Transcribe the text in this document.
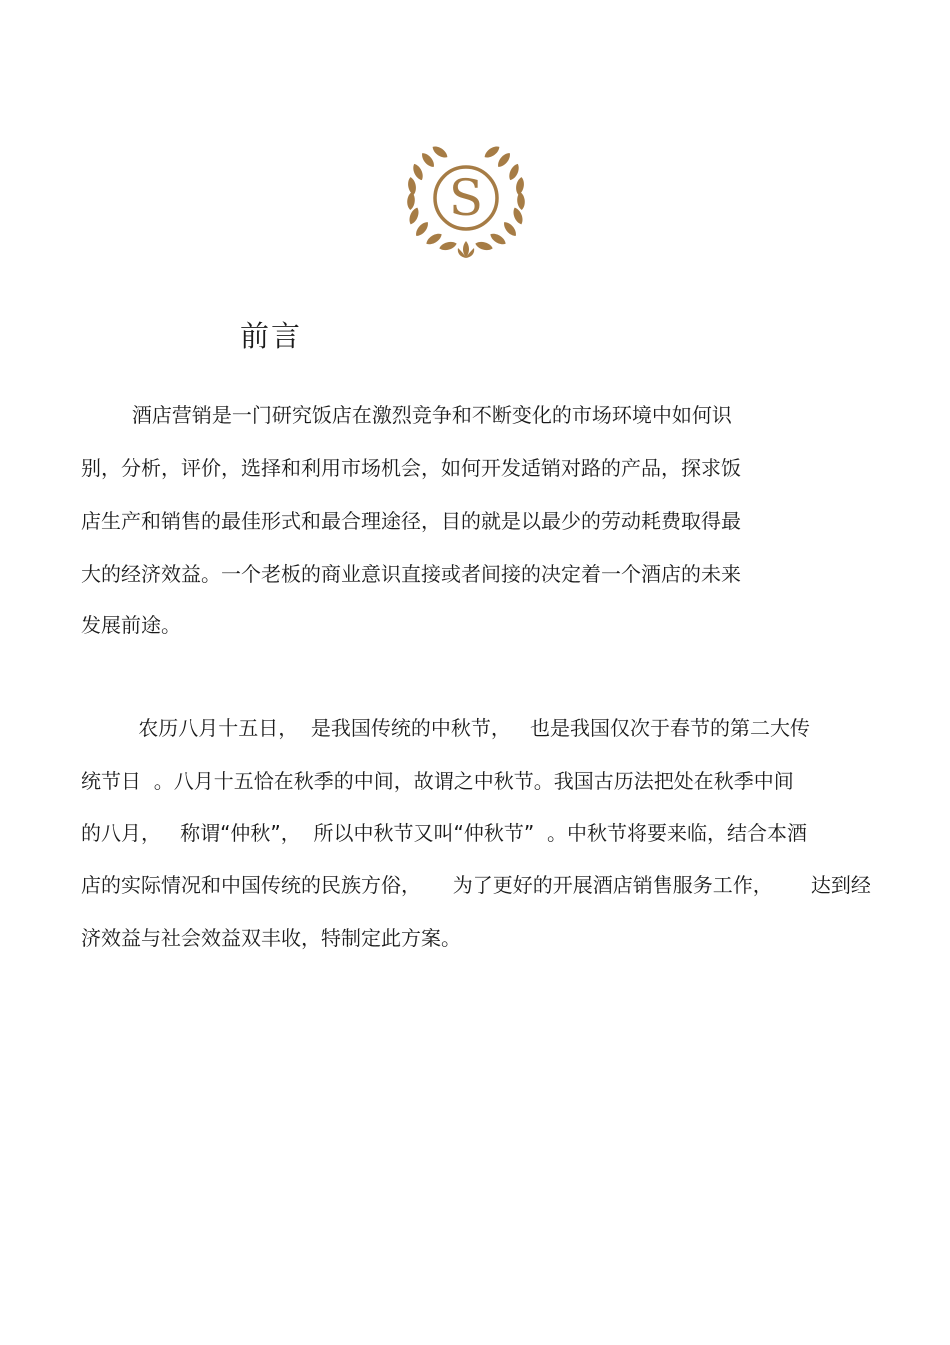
S
前言

酒店营销是一门研究饭店在激烈竞争和不断变化的市场环境中如何识

别，分析，评价，选择和利用市场机会，如何开发适销对路的产品，探求饭

店生产和销售的最佳形式和最合理途径，目的就是以最少的劳动耗费取得最

大的经济效益。一个老板的商业意识直接或者间接的决定着一个酒店的未来

发展前途。

农历八月十五日，  是我国传统的中秋节，   也是我国仅次于春节的第二大传

统节日  。八月十五恰在秋季的中间，故谓之中秋节。我国古历法把处在秋季中间

的八月，   称谓“仲秋”，  所以中秋节又叫“仲秋节”  。中秋节将要来临，结合本酒

店的实际情况和中国传统的民族方俗，     为了更好的开展酒店销售服务工作，      达到经

济效益与社会效益双丰收，特制定此方案。
